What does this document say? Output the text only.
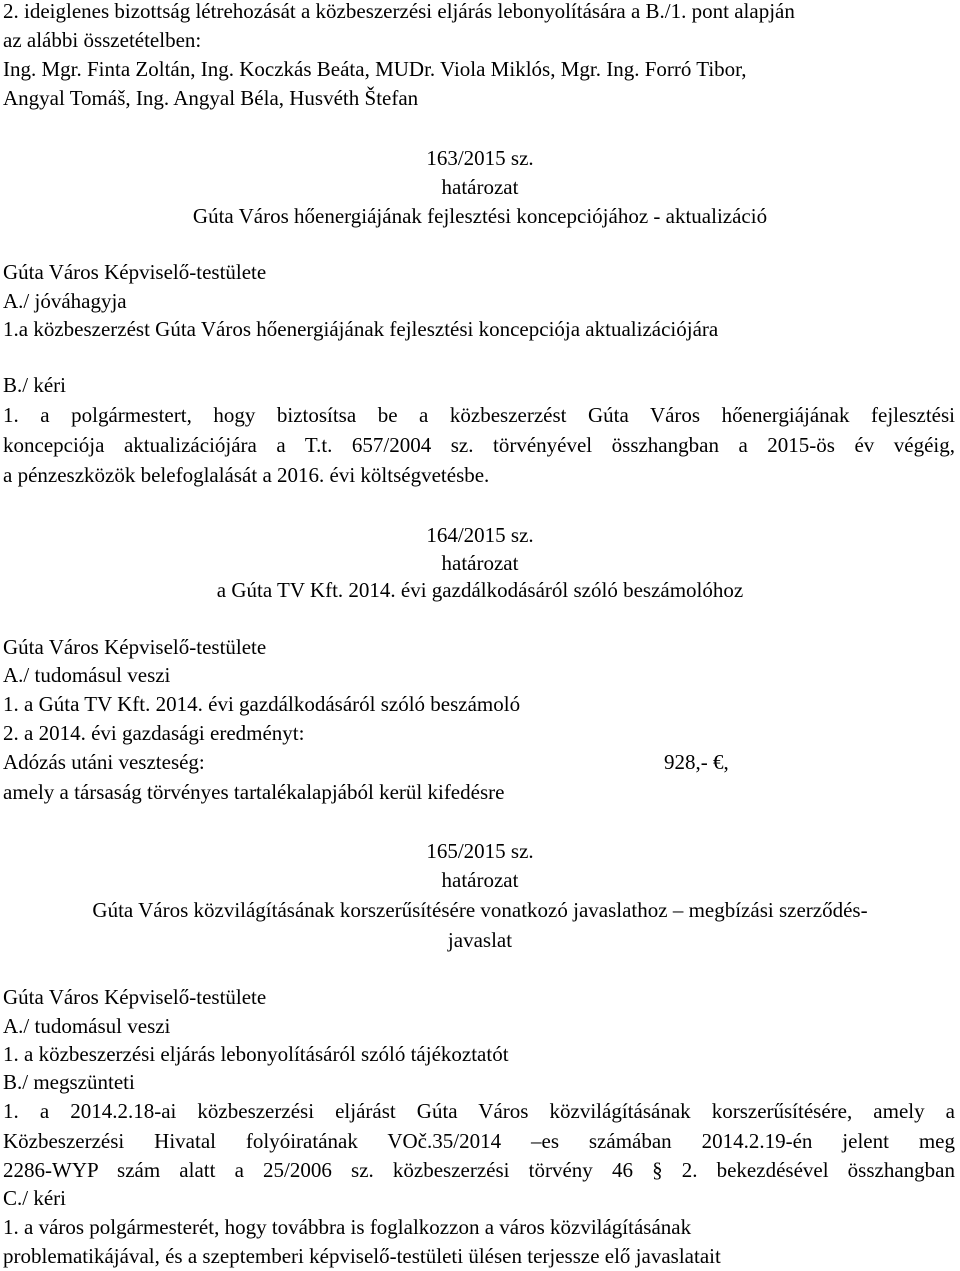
2. ideiglenes bizottság létrehozását a közbeszerzési eljárás lebonyolítására a B./1. pont alapján
az alábbi összetételben:
Ing. Mgr. Finta Zoltán, Ing. Koczkás Beáta, MUDr. Viola Miklós, Mgr. Ing. Forró Tibor,
Angyal Tomáš, Ing. Angyal Béla, Husvéth Štefan
163/2015 sz.
határozat
Gúta Város hőenergiájának fejlesztési koncepciójához - aktualizáció
Gúta Város Képviselő-testülete
A./ jóváhagyja
1.a közbeszerzést Gúta Város hőenergiájának fejlesztési koncepciója aktualizációjára
B./ kéri
1. a polgármestert, hogy biztosítsa be a közbeszerzést Gúta Város hőenergiájának fejlesztési
koncepciója aktualizációjára a T.t. 657/2004 sz. törvényével összhangban a 2015-ös év végéig,
a pénzeszközök belefoglalását a 2016. évi költségvetésbe.
164/2015 sz.
határozat
a Gúta TV Kft. 2014. évi gazdálkodásáról szóló beszámolóhoz
Gúta Város Képviselő-testülete
A./ tudomásul veszi
1. a Gúta TV Kft. 2014. évi gazdálkodásáról szóló beszámoló
2. a 2014. évi gazdasági eredményt:
Adózás utáni veszteség:	928,- €,
amely a társaság törvényes tartalékalapjából kerül kifedésre
165/2015 sz.
határozat
Gúta Város közvilágításának korszerűsítésére vonatkozó javaslathoz – megbízási szerződés-
javaslat
Gúta Város Képviselő-testülete
A./ tudomásul veszi
1. a közbeszerzési eljárás lebonyolításáról szóló tájékoztatót
B./ megszünteti
1. a 2014.2.18-ai közbeszerzési eljárást Gúta Város közvilágításának korszerűsítésére, amely a
Közbeszerzési Hivatal folyóiratának VOč.35/2014 –es számában 2014.2.19-én jelent meg
2286-WYP szám alatt a 25/2006 sz. közbeszerzési törvény 46 § 2. bekezdésével összhangban
C./ kéri
1. a város polgármesterét, hogy továbbra is foglalkozzon a város közvilágításának
problematikájával, és a szeptemberi képviselő-testületi ülésen terjessze elő javaslatait
